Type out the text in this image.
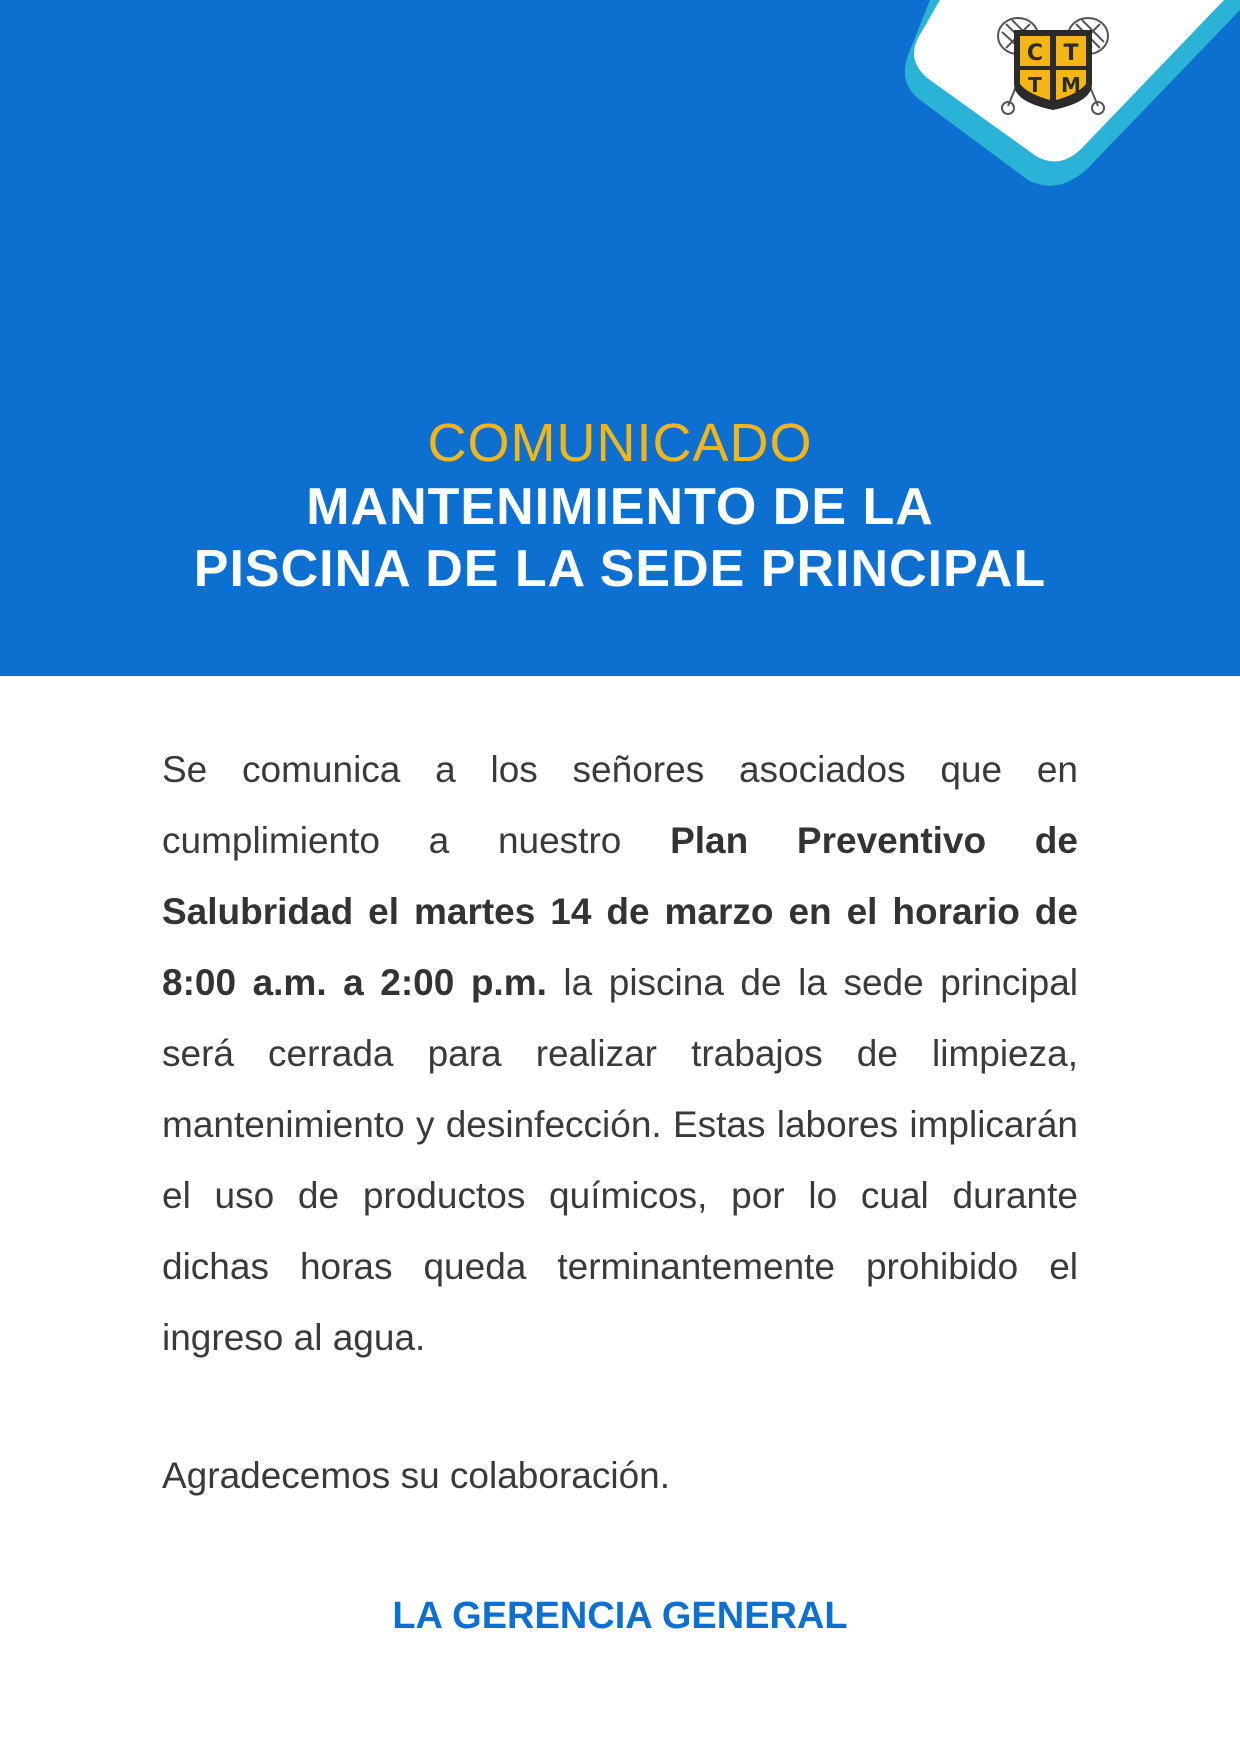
C T
T M
COMUNICADO
MANTENIMIENTO DE LA
PISCINA DE LA SEDE PRINCIPAL

Se comunica a los señores asociados que en cumplimiento a nuestro Plan Preventivo de Salubridad el martes 14 de marzo en el horario de 8:00 a.m. a 2:00 p.m. la piscina de la sede principal será cerrada para realizar trabajos de limpieza, mantenimiento y desinfección. Estas labores implicarán el uso de productos químicos, por lo cual durante dichas horas queda terminantemente prohibido el ingreso al agua.

Agradecemos su colaboración.

LA GERENCIA GENERAL
